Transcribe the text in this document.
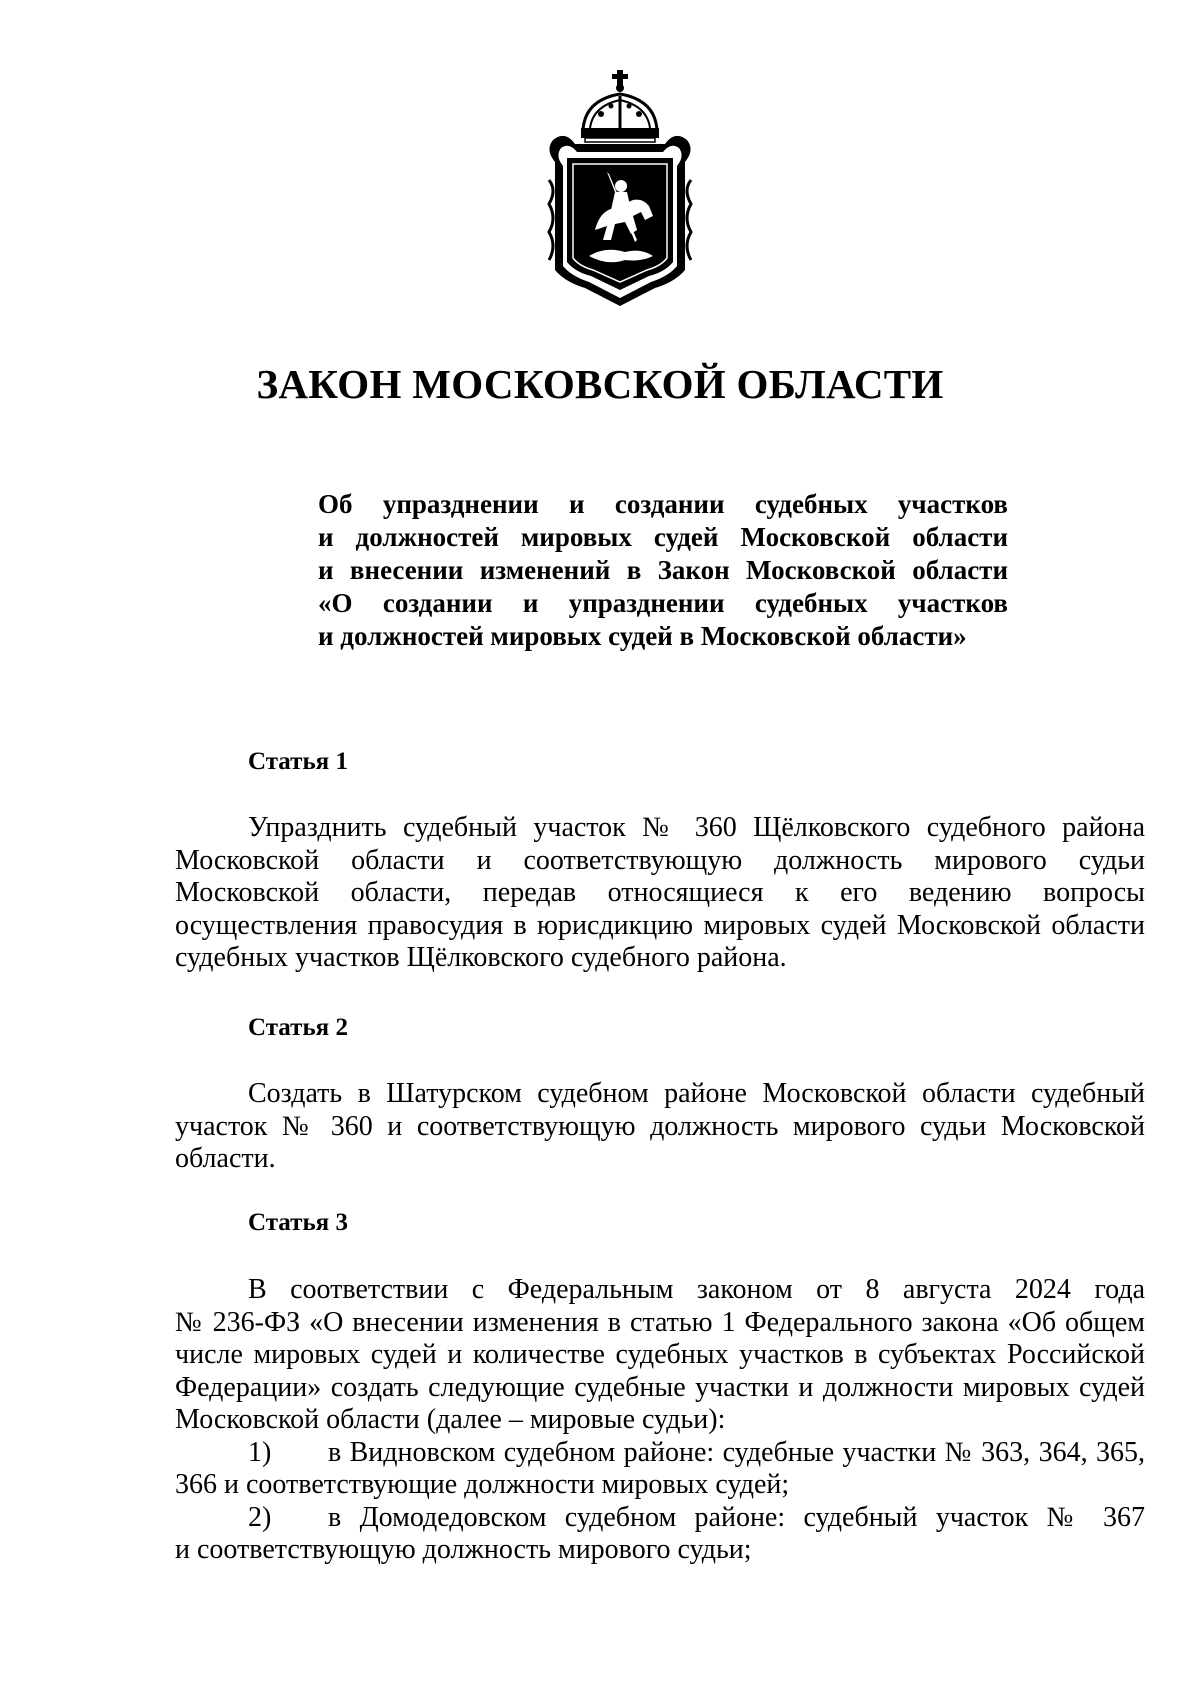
ЗАКОН МОСКОВСКОЙ ОБЛАСТИ
Об упразднении и создании судебных участков
и должностей мировых судей Московской области
и внесении изменений в Закон Московской области
«О создании и упразднении судебных участков
и должностей мировых судей в Московской области»
Статья 1
Упразднить судебный участок № 360 Щёлковского судебного района
Московской области и соответствующую должность мирового судьи
Московской области, передав относящиеся к его ведению вопросы
осуществления правосудия в юрисдикцию мировых судей Московской области
судебных участков Щёлковского судебного района.
Статья 2
Создать в Шатурском судебном районе Московской области судебный
участок № 360 и соответствующую должность мирового судьи Московской
области.
Статья 3
В соответствии с Федеральным законом от 8 августа 2024 года
№ 236-ФЗ «О внесении изменения в статью 1 Федерального закона «Об общем
числе мировых судей и количестве судебных участков в субъектах Российской
Федерации» создать следующие судебные участки и должности мировых судей
Московской области (далее – мировые судьи):
1)	в Видновском судебном районе: судебные участки № 363, 364, 365,
366 и соответствующие должности мировых судей;
2)	в Домодедовском судебном районе: судебный участок № 367
и соответствующую должность мирового судьи;
